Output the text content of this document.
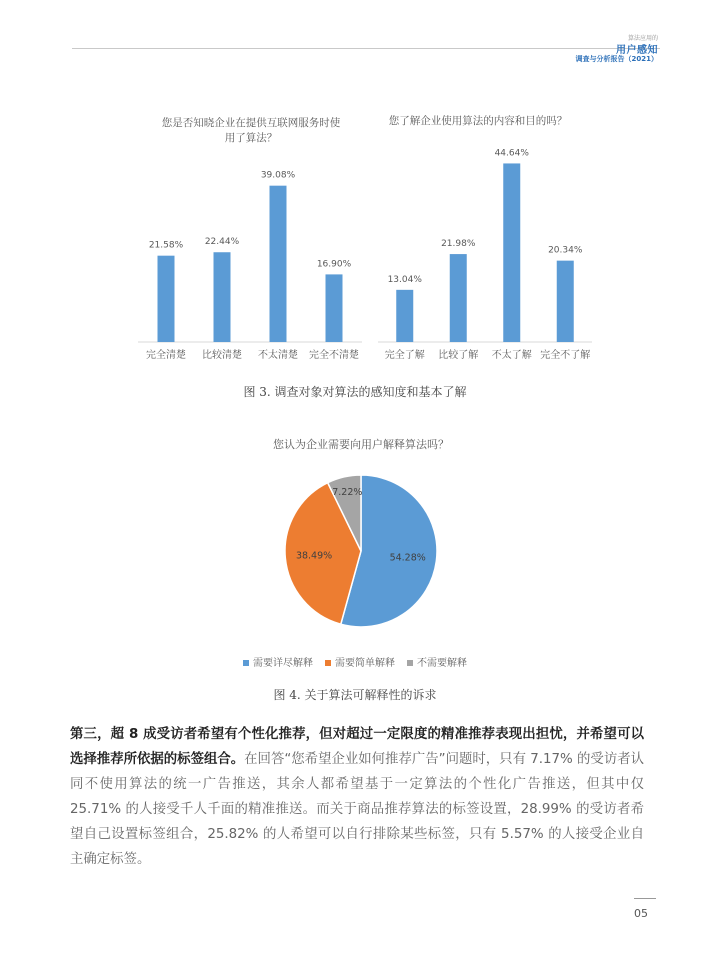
算法应用的
用户感知
调查与分析报告（2021）
您是否知晓企业在提供互联网服务时使
用了算法？
21.58%
完全清楚
22.44%
比较清楚
39.08%
不太清楚
16.90%
完全不清楚
您了解企业使用算法的内容和目的吗？
13.04%
完全了解
21.98%
比较了解
44.64%
不太了解
20.34%
完全不了解
您认为企业需要向用户解释算法吗？
54.28%
38.49%
7.22%
图 3. 调查对象对算法的感知度和基本了解
需要详尽解释 需要简单解释 不需要解释
图 4. 关于算法可解释性的诉求
第三，超 8 成受访者希望有个性化推荐，但对超过一定限度的精准推荐表现出担忧，并希望可以选择推荐所依据的标签组合。在回答“您希望企业如何推荐广告”问题时，只有 7.17% 的受访者认同不使用算法的统一广告推送，其余人都希望基于一定算法的个性化广告推送，但其中仅 25.71% 的人接受千人千面的精准推送。而关于商品推荐算法的标签设置，28.99% 的受访者希望自己设置标签组合，25.82% 的人希望可以自行排除某些标签，只有 5.57% 的人接受企业自主确定标签。
05
